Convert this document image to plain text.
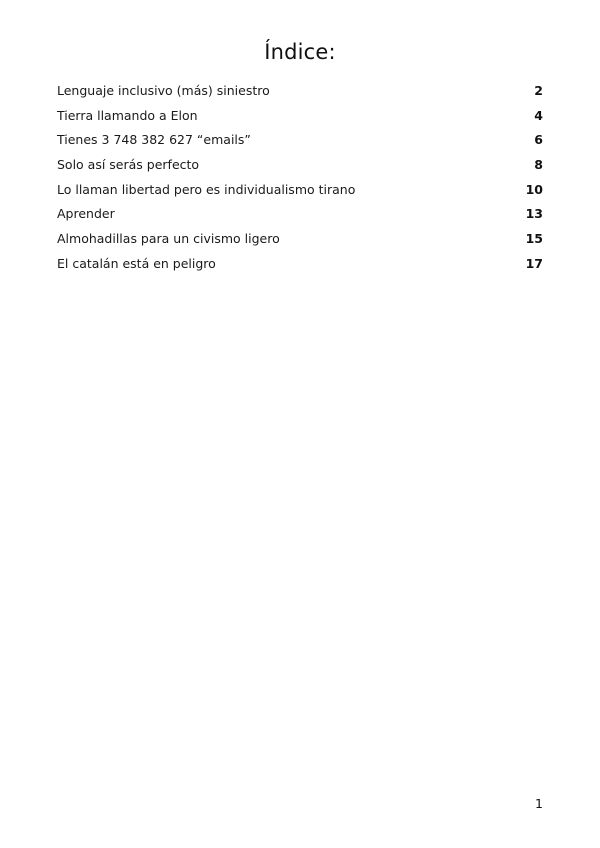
Índice:
Lenguaje inclusivo (más) siniestro	2
Tierra llamando a Elon	4
Tienes 3 748 382 627 “emails”	6
Solo así serás perfecto	8
Lo llaman libertad pero es individualismo tirano	10
Aprender	13
Almohadillas para un civismo ligero	15
El catalán está en peligro	17
1
